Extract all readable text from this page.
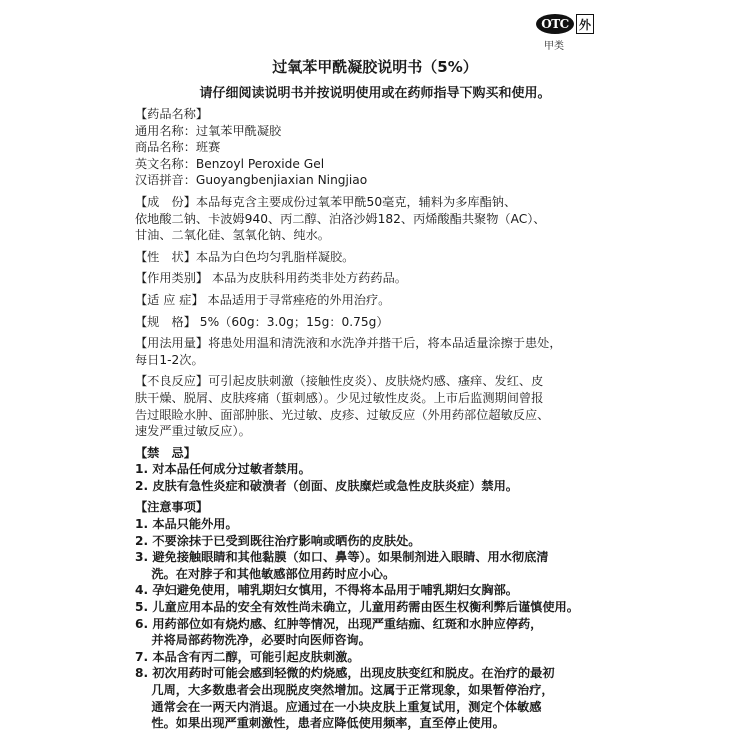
OTC 外
甲类
过氧苯甲酰凝胶说明书（5%）
请仔细阅读说明书并按说明使用或在药师指导下购买和使用。
【药品名称】
通用名称：过氧苯甲酰凝胶
商品名称：班赛
英文名称：Benzoyl Peroxide Gel
汉语拼音：Guoyangbenjiaxian Ningjiao
【成　份】本品每克含主要成份过氧苯甲酰50毫克，辅料为多库酯钠、
依地酸二钠、卡波姆940、丙二醇、泊洛沙姆182、丙烯酸酯共聚物（AC）、
甘油、二氧化硅、氢氧化钠、纯水。
【性　状】本品为白色均匀乳脂样凝胶。
【作用类别】 本品为皮肤科用药类非处方药药品。
【适 应 症】 本品适用于寻常痤疮的外用治疗。
【规　格】 5%（60g：3.0g；15g：0.75g）
【用法用量】将患处用温和清洗液和水洗净并揩干后，将本品适量涂擦于患处，
每日1-2次。
【不良反应】可引起皮肤刺激（接触性皮炎）、皮肤烧灼感、瘙痒、发红、皮
肤干燥、脱屑、皮肤疼痛（蜇刺感）。少见过敏性皮炎。上市后监测期间曾报
告过眼睑水肿、面部肿胀、光过敏、皮疹、过敏反应（外用药部位超敏反应、
速发严重过敏反应）。
【禁　忌】
1. 对本品任何成分过敏者禁用。
2. 皮肤有急性炎症和破溃者（创面、皮肤糜烂或急性皮肤炎症）禁用。
【注意事项】
1. 本品只能外用。
2. 不要涂抹于已受到既往治疗影响或晒伤的皮肤处。
3. 避免接触眼睛和其他黏膜（如口、鼻等）。如果制剂进入眼睛、用水彻底清
　 洗。在对脖子和其他敏感部位用药时应小心。
4. 孕妇避免使用，哺乳期妇女慎用，不得将本品用于哺乳期妇女胸部。
5. 儿童应用本品的安全有效性尚未确立，儿童用药需由医生权衡利弊后谨慎使用。
6. 用药部位如有烧灼感、红肿等情况，出现严重结痂、红斑和水肿应停药，
　 并将局部药物洗净，必要时向医师咨询。
7. 本品含有丙二醇，可能引起皮肤刺激。
8. 初次用药时可能会感到轻微的灼烧感，出现皮肤变红和脱皮。在治疗的最初
　 几周，大多数患者会出现脱皮突然增加。这属于正常现象，如果暂停治疗，
　 通常会在一两天内消退。应通过在一小块皮肤上重复试用，测定个体敏感
　 性。如果出现严重刺激性，患者应降低使用频率，直至停止使用。
